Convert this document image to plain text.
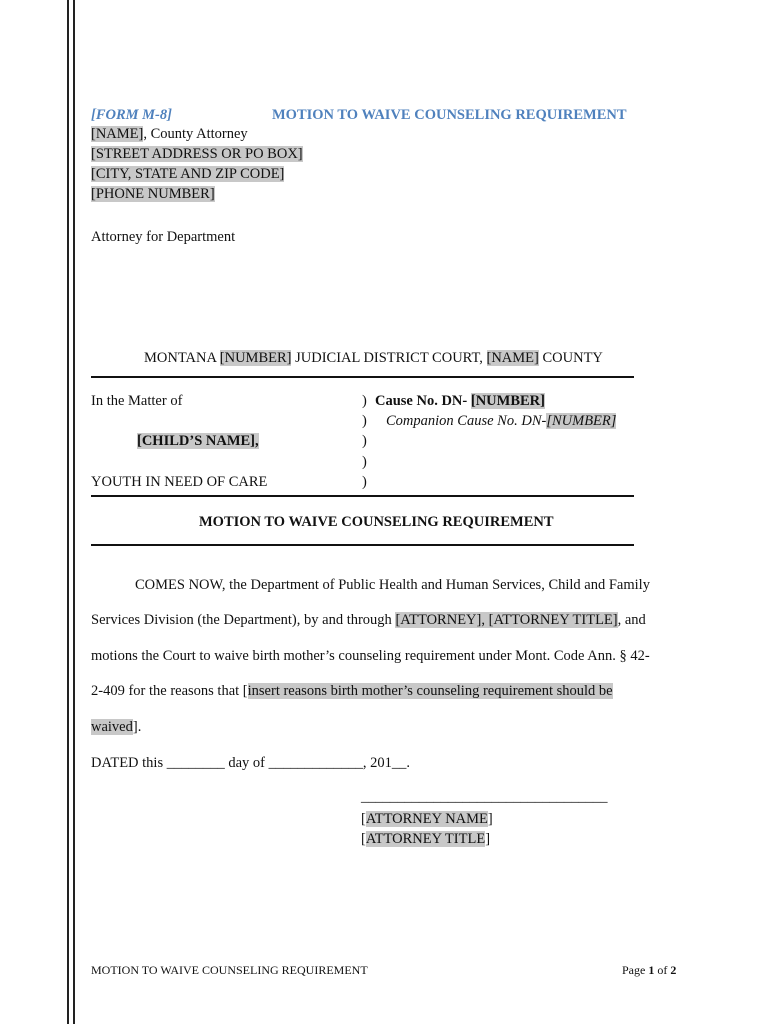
[FORM M-8]	MOTION TO WAIVE COUNSELING REQUIREMENT
[NAME], County Attorney
[STREET ADDRESS OR PO BOX]
[CITY, STATE AND ZIP CODE]
[PHONE NUMBER]
Attorney for Department
MONTANA [NUMBER] JUDICIAL DISTRICT COURT, [NAME] COUNTY
In the Matter of
[CHILD’S NAME],
YOUTH IN NEED OF CARE
)
)
)
)
)
Cause No. DN- [NUMBER]
Companion Cause No. DN-[NUMBER]
MOTION TO WAIVE COUNSELING REQUIREMENT
COMES NOW, the Department of Public Health and Human Services, Child and Family
Services Division (the Department), by and through [ATTORNEY], [ATTORNEY TITLE], and
motions the Court to waive birth mother’s counseling requirement under Mont. Code Ann. § 42-
2-409 for the reasons that [insert reasons birth mother’s counseling requirement should be
waived].
DATED this ________ day of _____________, 201__.
__________________________________
[ATTORNEY NAME]
[ATTORNEY TITLE]
MOTION TO WAIVE COUNSELING REQUIREMENT	Page 1 of 2
